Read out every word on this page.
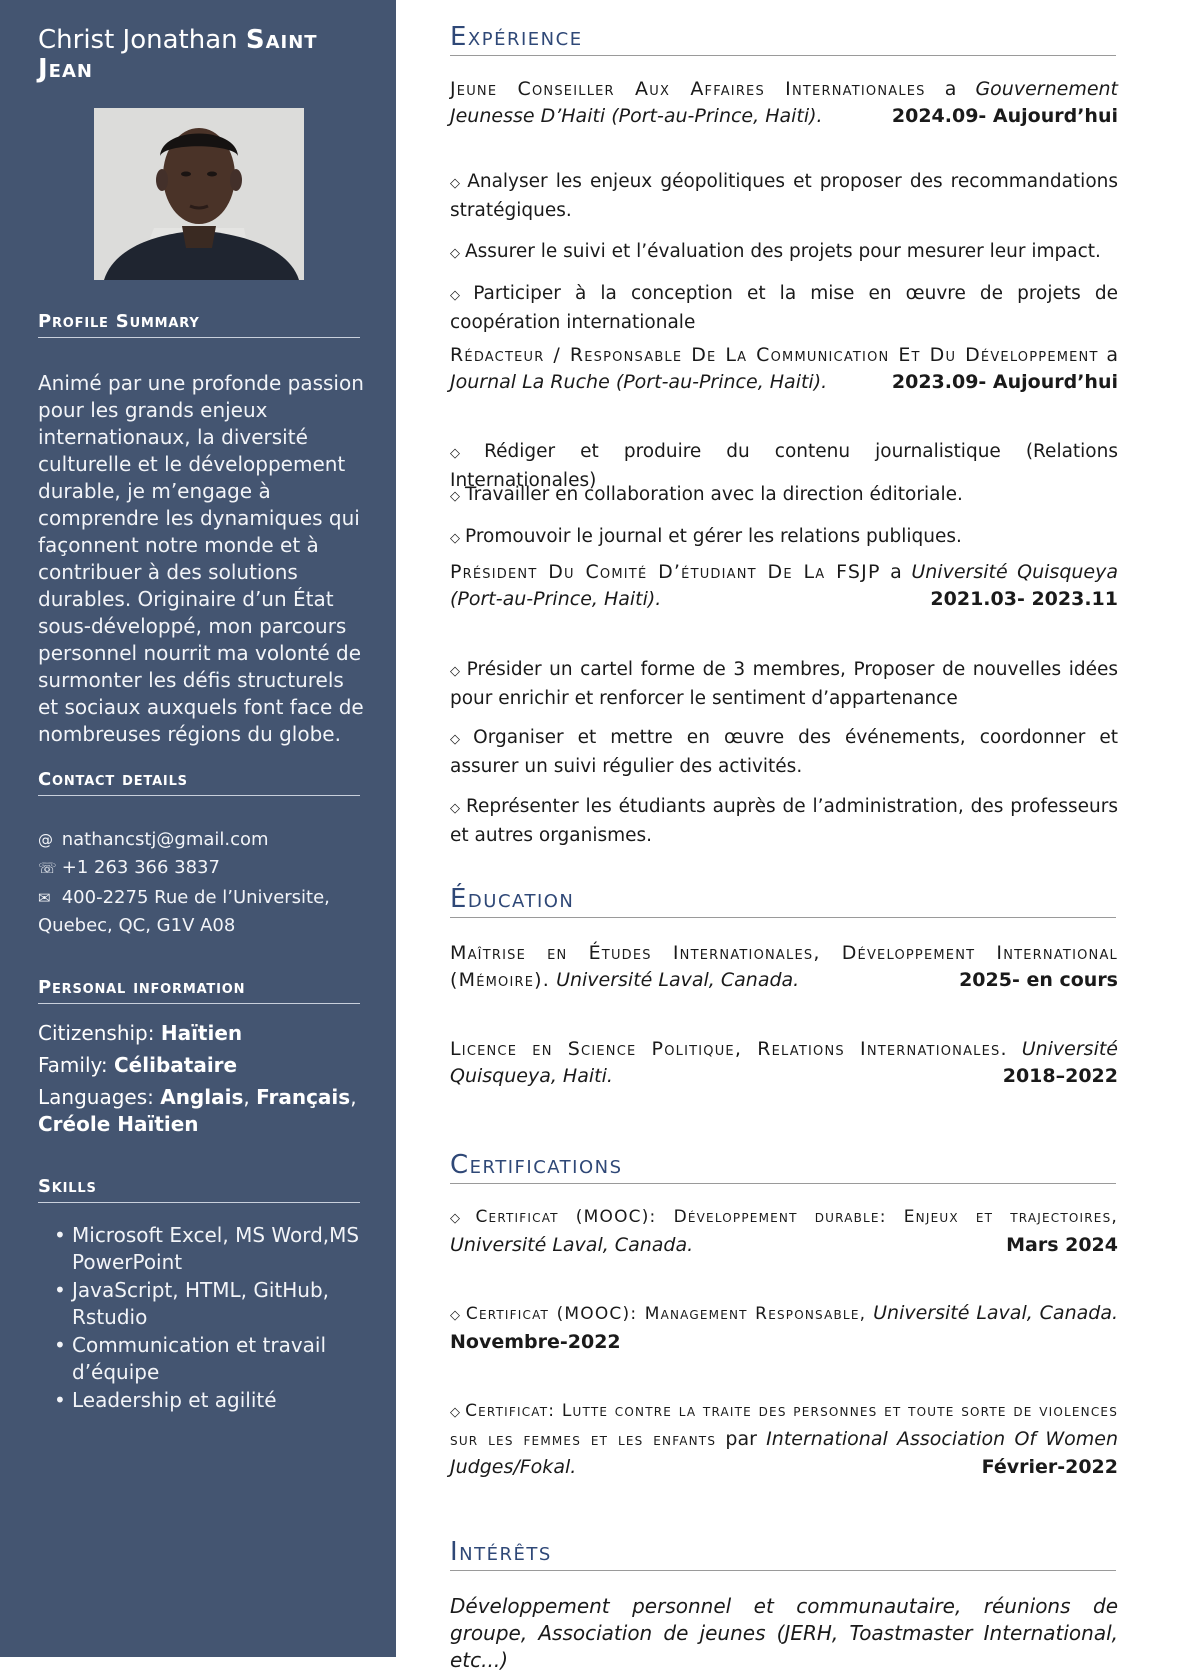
Christ Jonathan Saint
Jean
Profile Summary
Animé par une profonde passion pour les grands enjeux internationaux, la diversité culturelle et le développement durable, je m’engage à comprendre les dynamiques qui façonnent notre monde et à contribuer à des solutions durables. Originaire d’un État sous-développé, mon parcours personnel nourrit ma volonté de surmonter les défis structurels et sociaux auxquels font face de nombreuses régions du globe.
Contact details
@ nathancstj@gmail.com
☏ +1 263 366 3837
✉ 400-2275 Rue de l’Universite, Quebec, QC, G1V A08
Personal information
Citizenship: Haïtien
Family: Célibataire
Languages: Anglais, Français, Créole Haïtien
Skills
• Microsoft Excel, MS Word,MS PowerPoint
• JavaScript, HTML, GitHub, Rstudio
• Communication et travail d’équipe
• Leadership et agilité
Expérience
Jeune Conseiller Aux Affaires Internationales a Gouvernement Jeunesse D’Haiti (Port-au-Prince, Haiti).	2024.09- Aujourd’hui
◇ Analyser les enjeux géopolitiques et proposer des recommandations stratégiques.
◇ Assurer le suivi et l’évaluation des projets pour mesurer leur impact.
◇ Participer à la conception et la mise en œuvre de projets de coopération internationale
Rédacteur / Responsable De La Communication Et Du Développement a Journal La Ruche (Port-au-Prince, Haiti).	2023.09- Aujourd’hui
◇ Rédiger et produire du contenu journalistique (Relations Internationales)
◇ Travailler en collaboration avec la direction éditoriale.
◇ Promouvoir le journal et gérer les relations publiques.
Président Du Comité D’étudiant De La FSJP a Université Quisqueya (Port-au-Prince, Haiti).	2021.03- 2023.11
◇ Présider un cartel forme de 3 membres, Proposer de nouvelles idées pour enrichir et renforcer le sentiment d’appartenance
◇ Organiser et mettre en œuvre des événements, coordonner et assurer un suivi régulier des activités.
◇ Représenter les étudiants auprès de l’administration, des professeurs et autres organismes.
Éducation
Maîtrise en Études Internationales, Développement International (Mémoire). Université Laval, Canada.	2025- en cours
Licence en Science Politique, Relations Internationales. Université Quisqueya, Haiti.	2018–2022
Certifications
◇ Certificat (MOOC): Développement durable: Enjeux et trajectoires, Université Laval, Canada.	Mars 2024
◇ Certificat (MOOC): Management Responsable, Université Laval, Canada. Novembre-2022
◇ Certificat: Lutte contre la traite des personnes et toute sorte de violences sur les femmes et les enfants par International Association Of Women Judges/Fokal.	Février-2022
Intérêts
Développement personnel et communautaire, réunions de groupe, Association de jeunes (JERH, Toastmaster International, etc...)
